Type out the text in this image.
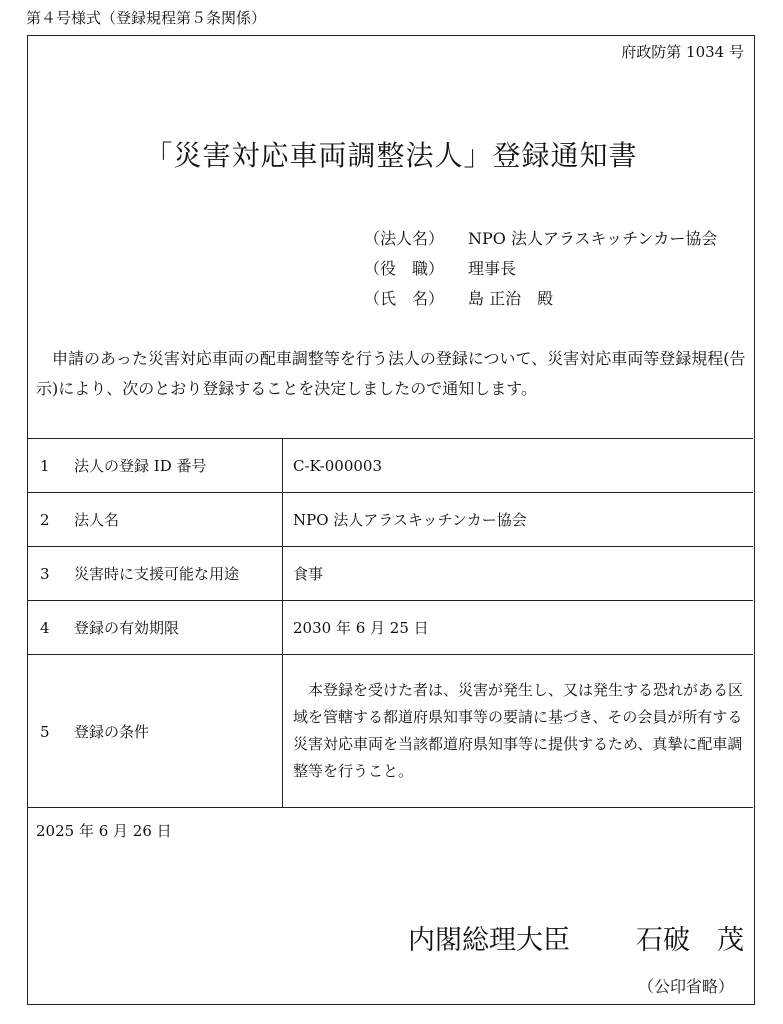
第４号様式（登録規程第５条関係）
府政防第 1034 号
「災害対応車両調整法人」登録通知書
（法人名）	NPO 法人アラスキッチンカー協会
（役　職）	理事長
（氏　名）	島 正治　殿
申請のあった災害対応車両の配車調整等を行う法人の登録について、災害対応車両等登録規程(告示)により、次のとおり登録することを決定しましたので通知します。
1 法人の登録 ID 番号	C-K-000003
2 法人名	NPO 法人アラスキッチンカー協会
3 災害時に支援可能な用途	食事
4 登録の有効期限	2030 年 6 月 25 日
5 登録の条件	本登録を受けた者は、災害が発生し、又は発生する恐れがある区域を管轄する都道府県知事等の要請に基づき、その会員が所有する災害対応車両を当該都道府県知事等に提供するため、真摯に配車調整等を行うこと。
2025 年 6 月 26 日
内閣総理大臣 石破　茂
（公印省略）
